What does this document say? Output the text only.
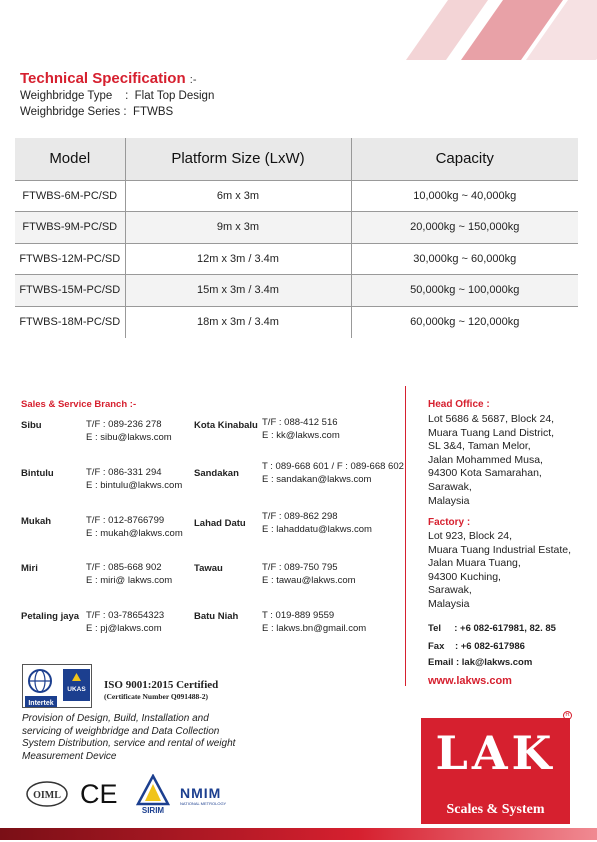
Technical Specification :-
Weighbridge Type : Flat Top Design
Weighbridge Series : FTWBS
Model	Platform Size (LxW)	Capacity
FTWBS-6M-PC/SD	6m x 3m	10,000kg ~ 40,000kg
FTWBS-9M-PC/SD	9m x 3m	20,000kg ~ 150,000kg
FTWBS-12M-PC/SD	12m x 3m / 3.4m	30,000kg ~ 60,000kg
FTWBS-15M-PC/SD	15m x 3m / 3.4m	50,000kg ~ 100,000kg
FTWBS-18M-PC/SD	18m x 3m / 3.4m	60,000kg ~ 120,000kg
Sales & Service Branch :-
Sibu	T/F : 089-236 278
E : sibu@lakws.com
Bintulu	T/F : 086-331 294
E : bintulu@lakws.com
Mukah	T/F : 012-8766799
E : mukah@lakws.com
Miri	T/F : 085-668 902
E : miri@ lakws.com
Petaling jaya T/F : 03-78654323
E : pj@lakws.com
Kota Kinabalu T/F : 088-412 516
E : kk@lakws.com
Sandakan
T : 089-668 601 / F : 089-668 602
E : sandakan@lakws.com
Lahad Datu
T/F : 089-862 298
E : lahaddatu@lakws.com
Tawau	T/F : 089-750 795
E : tawau@lakws.com
Batu Niah T : 019-889 9559
E : lakws.bn@gmail.com
Head Office :
Lot 5686 & 5687, Block 24,
Muara Tuang Land District,
SL 3&4, Taman Melor,
Jalan Mohammed Musa,
94300 Kota Samarahan,
Sarawak,
Malaysia
Factory :
Lot 923, Block 24,
Muara Tuang Industrial Estate,
Jalan Muara Tuang,
94300 Kuching,
Sarawak,
Malaysia
Tel : +6 082-617981, 82. 85
Fax : +6 082-617986
Email : lak@lakws.com
www.lakws.com
Intertek
UKAS ISO 9001:2015 Certified
(Certificate Number Q091488-2)
Provision of Design, Build, Installation and servicing of weighbridge and Data Collection System Distribution, service and rental of weight Measurement Device
OIML CE
SIRIM
NMIM
NATIONAL METROLOGY
R
LAK
Scales & System
